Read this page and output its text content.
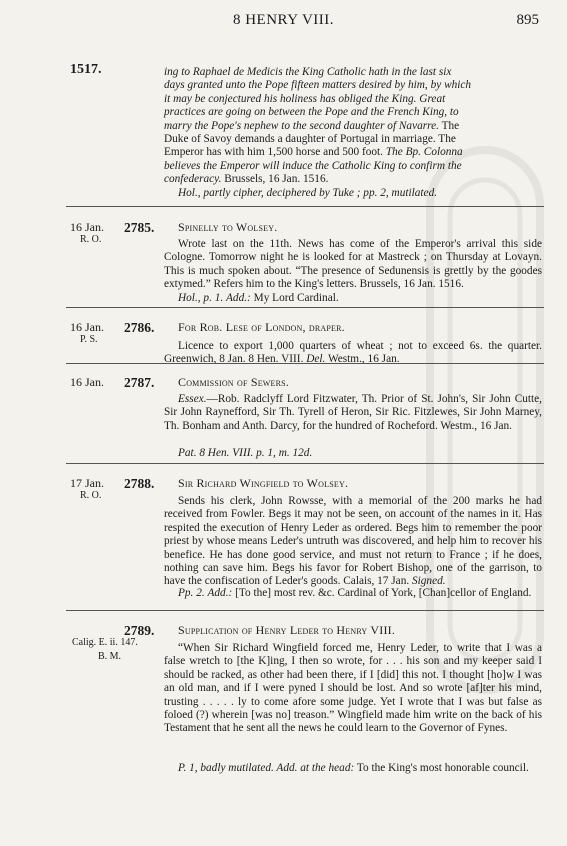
8 HENRY VIII.	895
1517.	ing to Raphael de Medicis the King Catholic hath in the last six
days granted unto the Pope fifteen matters desired by him, by which
it may be conjectured his holiness has obliged the King. Great
practices are going on between the Pope and the French King, to
marry the Pope's nephew to the second daughter of Navarre. The
Duke of Savoy demands a daughter of Portugal in marriage. The
Emperor has with him 1,500 horse and 500 foot. The Bp. Colonna
believes the Emperor will induce the Catholic King to confirm the
confederacy. Brussels, 16 Jan. 1516.
Hol., partly cipher, deciphered by Tuke ; pp. 2, mutilated.
16 Jan.
R. O.
2785. Spinelly to Wolsey.

Wrote last on the 11th. News has come of the Emperor's arrival this side Cologne. Tomorrow night he is looked for at Mastreck ; on Thursday at Lovayn. This is much spoken about. “The presence of Sedunensis is grettly by the goodes extymed.” Refers him to the King's letters. Brussels, 16 Jan. 1516.

Hol., p. 1. Add.: My Lord Cardinal.

16 Jan.
P. S.
2786. For Rob. Lese of London, draper.

Licence to export 1,000 quarters of wheat ; not to exceed 6s. the quarter. Greenwich, 8 Jan. 8 Hen. VIII. Del. Westm., 16 Jan.

16 Jan. 2787. Commission of Sewers.

Essex.—Rob. Radclyff Lord Fitzwater, Th. Prior of St. John's, Sir John Cutte, Sir John Raynefford, Sir Th. Tyrell of Heron, Sir Ric. Fitzlewes, Sir John Marney, Th. Bonham and Anth. Darcy, for the hundred of Rocheford. Westm., 16 Jan.

Pat. 8 Hen. VIII. p. 1, m. 12d.

17 Jan.
R. O.
2788. Sir Richard Wingfield to Wolsey.

Sends his clerk, John Rowsse, with a memorial of the 200 marks he had received from Fowler. Begs it may not be seen, on account of the names in it. Has respited the execution of Henry Leder as ordered. Begs him to remember the poor priest by whose means Leder's untruth was discovered, and help him to recover his benefice. He has done good service, and must not return to France ; if he does, nothing can save him. Begs his favor for Robert Bishop, one of the garrison, to have the confiscation of Leder's goods. Calais, 17 Jan. Signed.

Pp. 2. Add.: [To the] most rev. &c. Cardinal of York, [Chan]cellor of England.

Calig. E. ii. 147.
B. M.
2789. Supplication of Henry Leder to Henry VIII.

“When Sir Richard Wingfield forced me, Henry Leder, to write that I was a false wretch to [the K]ing, I then so wrote, for . . . his son and my keeper said I should be racked, as other had been there, if I [did] this not. I thought [ho]w I was an old man, and if I were pyned I should be lost. And so wrote [af]ter his mind, trusting . . . . . ly to come afore some judge. Yet I wrote that I was but false as foloed (?) wherein [was no] treason.” Wingfield made him write on the back of his Testament that he sent all the news he could learn to the Governor of Fynes.

P. 1, badly mutilated. Add. at the head: To the King's most honorable council.
